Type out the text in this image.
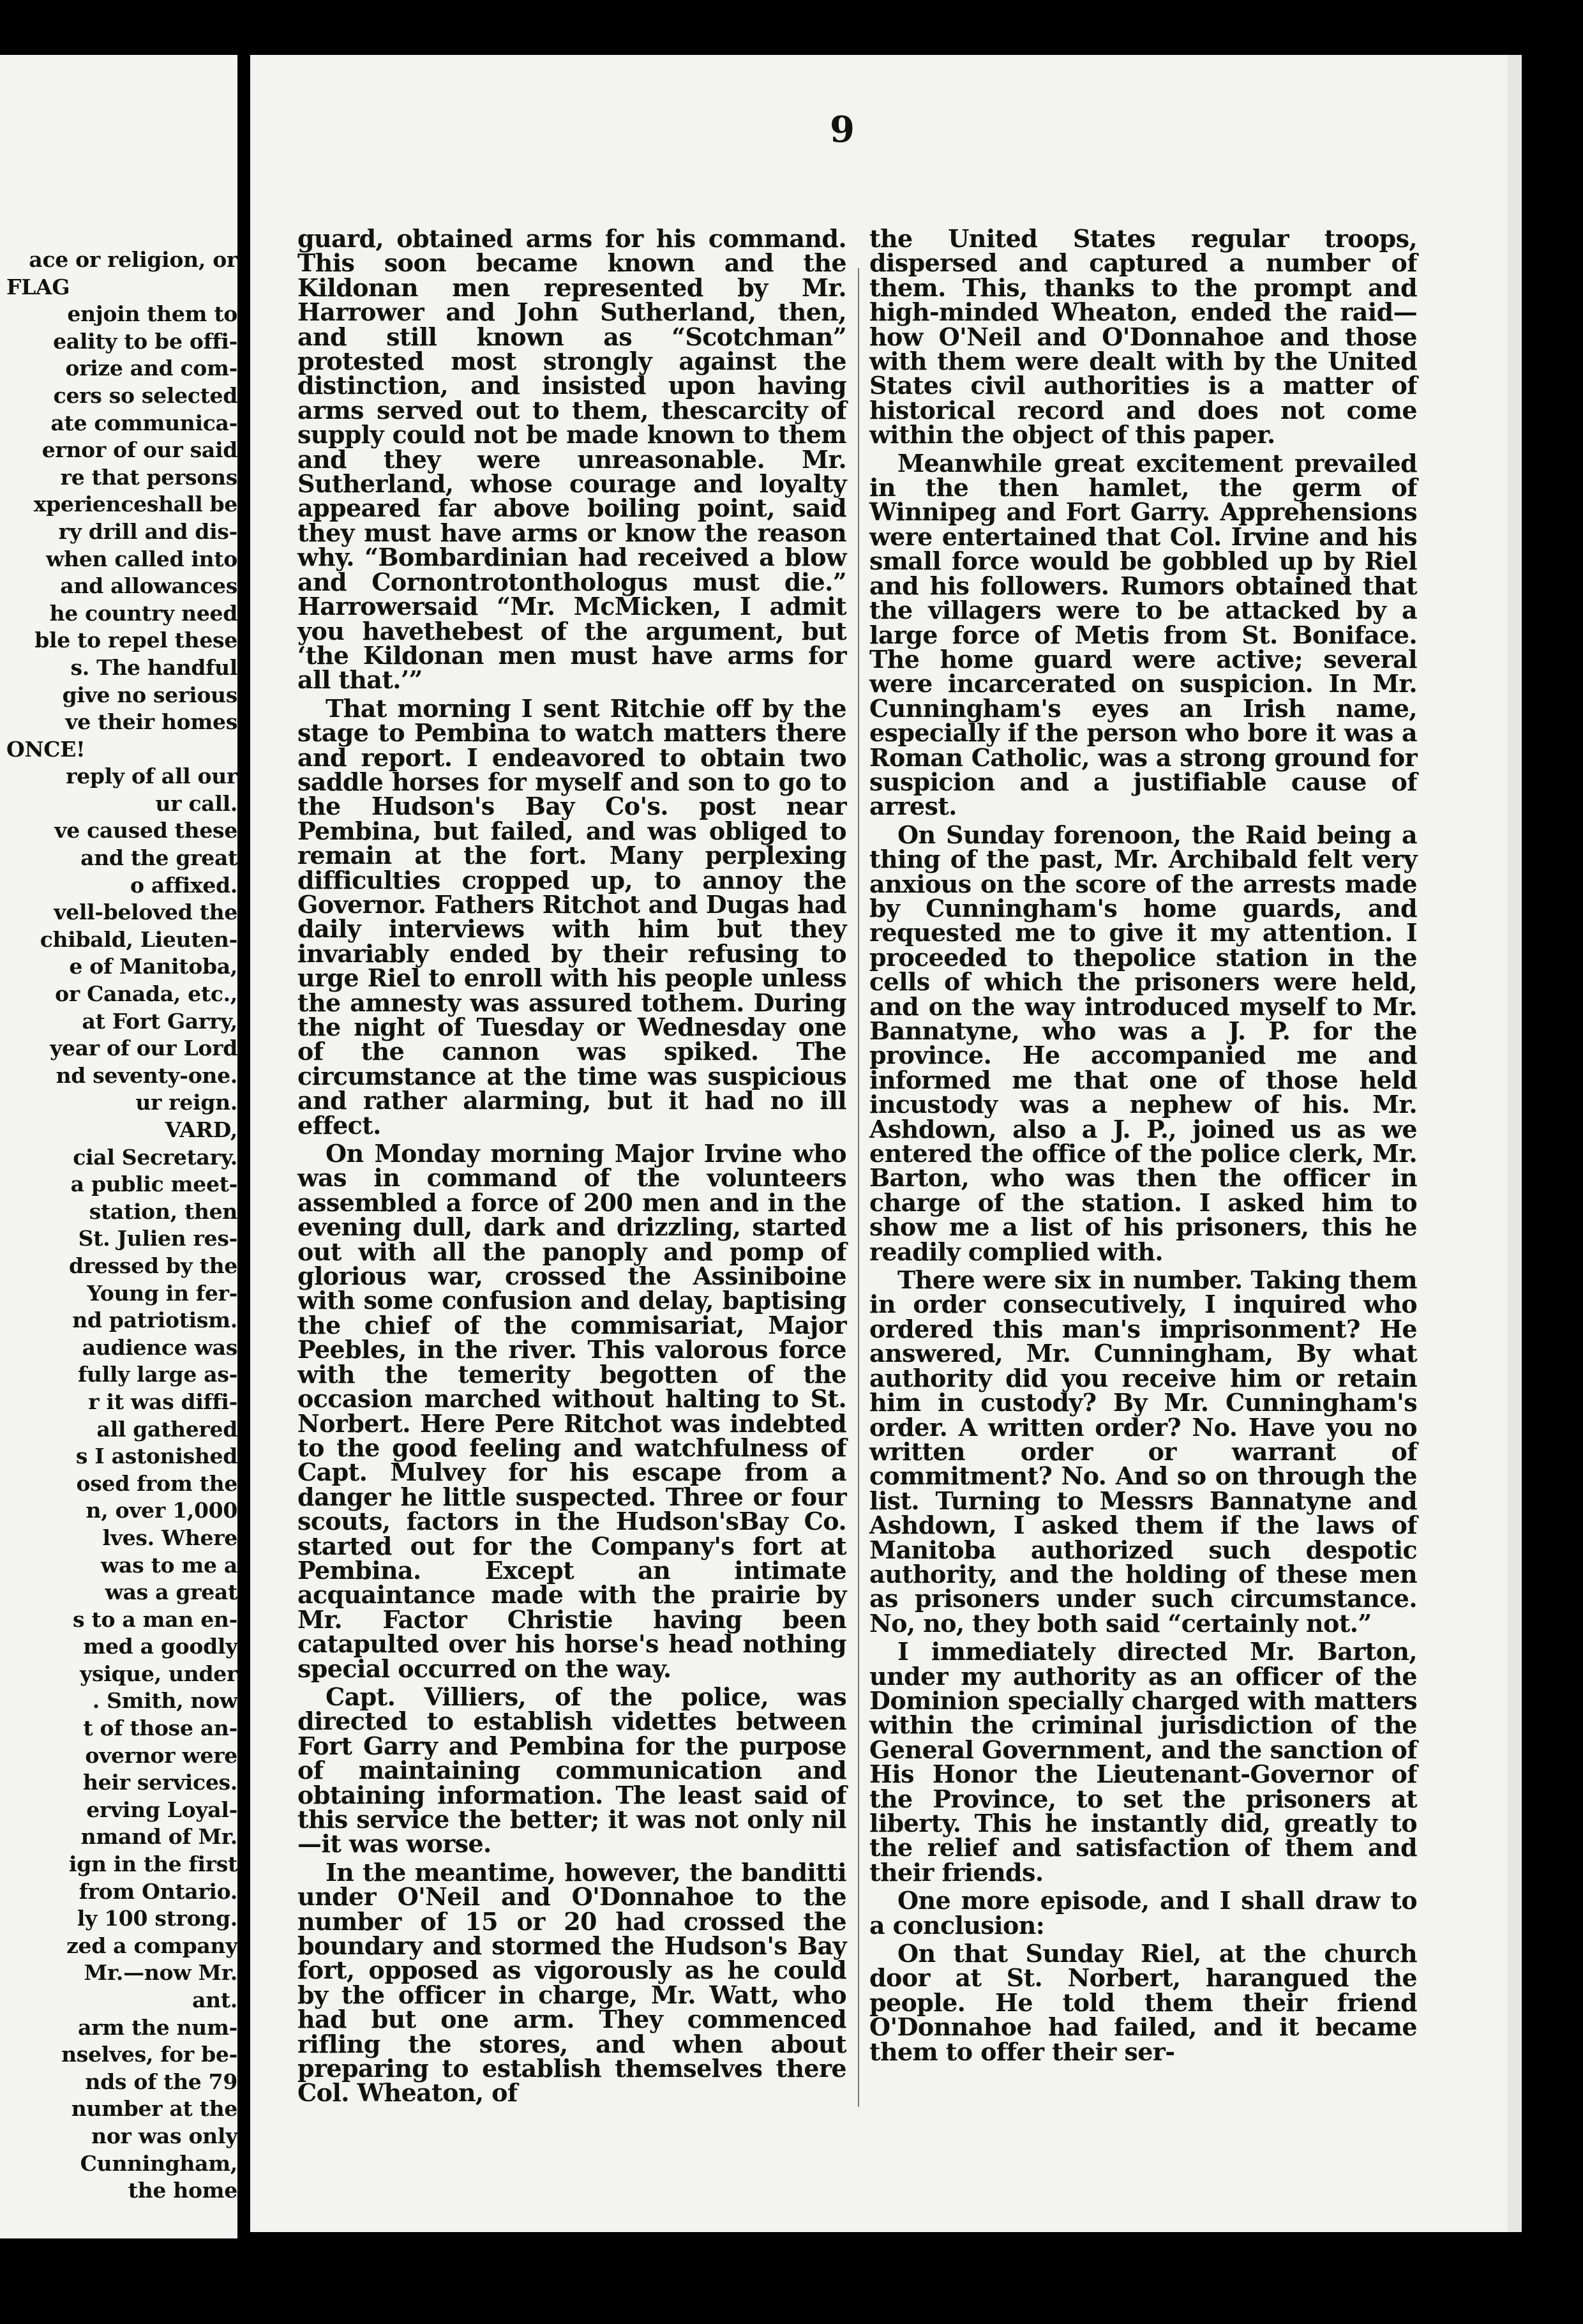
ace or religion, or
FLAG
enjoin them to
eality to be offi-
orize and com-
cers so selected
ate communica-
ernor of our said
re that persons
xperienceshall be
ry drill and dis-
when called into
and allowances
he country need
ble to repel these
s. The handful
give no serious
ve their homes
ONCE!
reply of all our
ur call.
ve caused these
and the great
o affixed.
vell-beloved the
chibald, Lieuten-
e of Manitoba,
or Canada, etc.,
at Fort Garry,
year of our Lord
nd seventy-one.
ur reign.
VARD,
cial Secretary.
a public meet-
station, then
St. Julien res-
dressed by the
Young in fer-
nd patriotism.
audience was
fully large as-
r it was diffi-
all gathered
s I astonished
osed from the
n, over 1,000
lves. Where
was to me a
was a great
s to a man en-
med a goodly
ysique, under
. Smith, now
t of those an-
overnor were
heir services.
erving Loyal-
nmand of Mr.
ign in the first
from Ontario.
ly 100 strong.
zed a company
Mr.—now Mr.
ant.
arm the num-
nselves, for be-
nds of the 79
number at the
nor was only
Cunningham,
the home
9

guard, obtained arms for his command. This soon became known and the Kildonan men represented by Mr. Harrower and John Sutherland, then, and still known as “Scotchman” protested most strongly against the distinction, and insisted upon having arms served out to them, thescarcity of supply could not be made known to them and they were unreasonable. Mr. Sutherland, whose courage and loyalty appeared far above boiling point, said they must have arms or know the reason why. “Bombardinian had received a blow and Cornontrotonthologus must die.” Harrowersaid “Mr. McMicken, I admit you havethebest of the argument, but ‘the Kildonan men must have arms for all that.’”

That morning I sent Ritchie off by the stage to Pembina to watch matters there and report. I endeavored to obtain two saddle horses for myself and son to go to the Hudson's Bay Co's. post near Pembina, but failed, and was obliged to remain at the fort. Many perplexing difficulties cropped up, to annoy the Governor. Fathers Ritchot and Dugas had daily interviews with him but they invariably ended by their refusing to urge Riel to enroll with his people unless the amnesty was assured tothem. During the night of Tuesday or Wednesday one of the cannon was spiked. The circumstance at the time was suspicious and rather alarming, but it had no ill effect.

On Monday morning Major Irvine who was in command of the volunteers assembled a force of 200 men and in the evening dull, dark and drizzling, started out with all the panoply and pomp of glorious war, crossed the Assiniboine with some confusion and delay, baptising the chief of the commisariat, Major Peebles, in the river. This valorous force with the temerity begotten of the occasion marched without halting to St. Norbert. Here Pere Ritchot was indebted to the good feeling and watchfulness of Capt. Mulvey for his escape from a danger he little suspected. Three or four scouts, factors in the Hudson'sBay Co. started out for the Company's fort at Pembina. Except an intimate acquaintance made with the prairie by Mr. Factor Christie having been catapulted over his horse's head nothing special occurred on the way.

Capt. Villiers, of the police, was directed to establish videttes between Fort Garry and Pembina for the purpose of maintaining communication and obtaining information. The least said of this service the better; it was not only nil—it was worse.

In the meantime, however, the banditti under O'Neil and O'Donnahoe to the number of 15 or 20 had crossed the boundary and stormed the Hudson's Bay fort, opposed as vigorously as he could by the officer in charge, Mr. Watt, who had but one arm. They commenced rifling the stores, and when about preparing to establish themselves there Col. Wheaton, of

the United States regular troops, dispersed and captured a number of them. This, thanks to the prompt and high-minded Wheaton, ended the raid—how O'Neil and O'Donnahoe and those with them were dealt with by the United States civil authorities is a matter of historical record and does not come within the object of this paper.

Meanwhile great excitement prevailed in the then hamlet, the germ of Winnipeg and Fort Garry. Apprehensions were entertained that Col. Irvine and his small force would be gobbled up by Riel and his followers. Rumors obtained that the villagers were to be attacked by a large force of Metis from St. Boniface. The home guard were active; several were incarcerated on suspicion. In Mr. Cunningham's eyes an Irish name, especially if the person who bore it was a Roman Catholic, was a strong ground for suspicion and a justifiable cause of arrest.

On Sunday forenoon, the Raid being a thing of the past, Mr. Archibald felt very anxious on the score of the arrests made by Cunningham's home guards, and requested me to give it my attention. I proceeded to thepolice station in the cells of which the prisoners were held, and on the way introduced myself to Mr. Bannatyne, who was a J. P. for the province. He accompanied me and informed me that one of those held incustody was a nephew of his. Mr. Ashdown, also a J. P., joined us as we entered the office of the police clerk, Mr. Barton, who was then the officer in charge of the station. I asked him to show me a list of his prisoners, this he readily complied with.

There were six in number. Taking them in order consecutively, I inquired who ordered this man's imprisonment? He answered, Mr. Cunningham, By what authority did you receive him or retain him in custody? By Mr. Cunningham's order. A written order? No. Have you no written order or warrant of commitment? No. And so on through the list. Turning to Messrs Bannatyne and Ashdown, I asked them if the laws of Manitoba authorized such despotic authority, and the holding of these men as prisoners under such circumstance. No, no, they both said “certainly not.”

I immediately directed Mr. Barton, under my authority as an officer of the Dominion specially charged with matters within the criminal jurisdiction of the General Government, and the sanction of His Honor the Lieutenant-Governor of the Province, to set the prisoners at liberty. This he instantly did, greatly to the relief and satisfaction of them and their friends.

One more episode, and I shall draw to a conclusion:

On that Sunday Riel, at the church door at St. Norbert, harangued the people. He told them their friend O'Donnahoe had failed, and it became them to offer their ser-
